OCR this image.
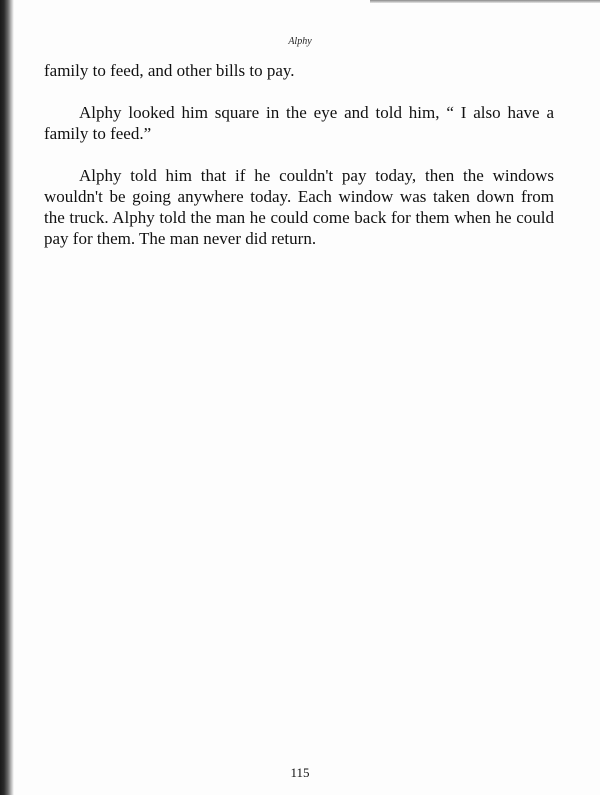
Alphy

family to feed, and other bills to pay.

Alphy looked him square in the eye and told him, “ I also have a family to feed.”

Alphy told him that if he couldn't pay today, then the windows wouldn't be going anywhere today. Each window was taken down from the truck. Alphy told the man he could come back for them when he could pay for them. The man never did return.

115
